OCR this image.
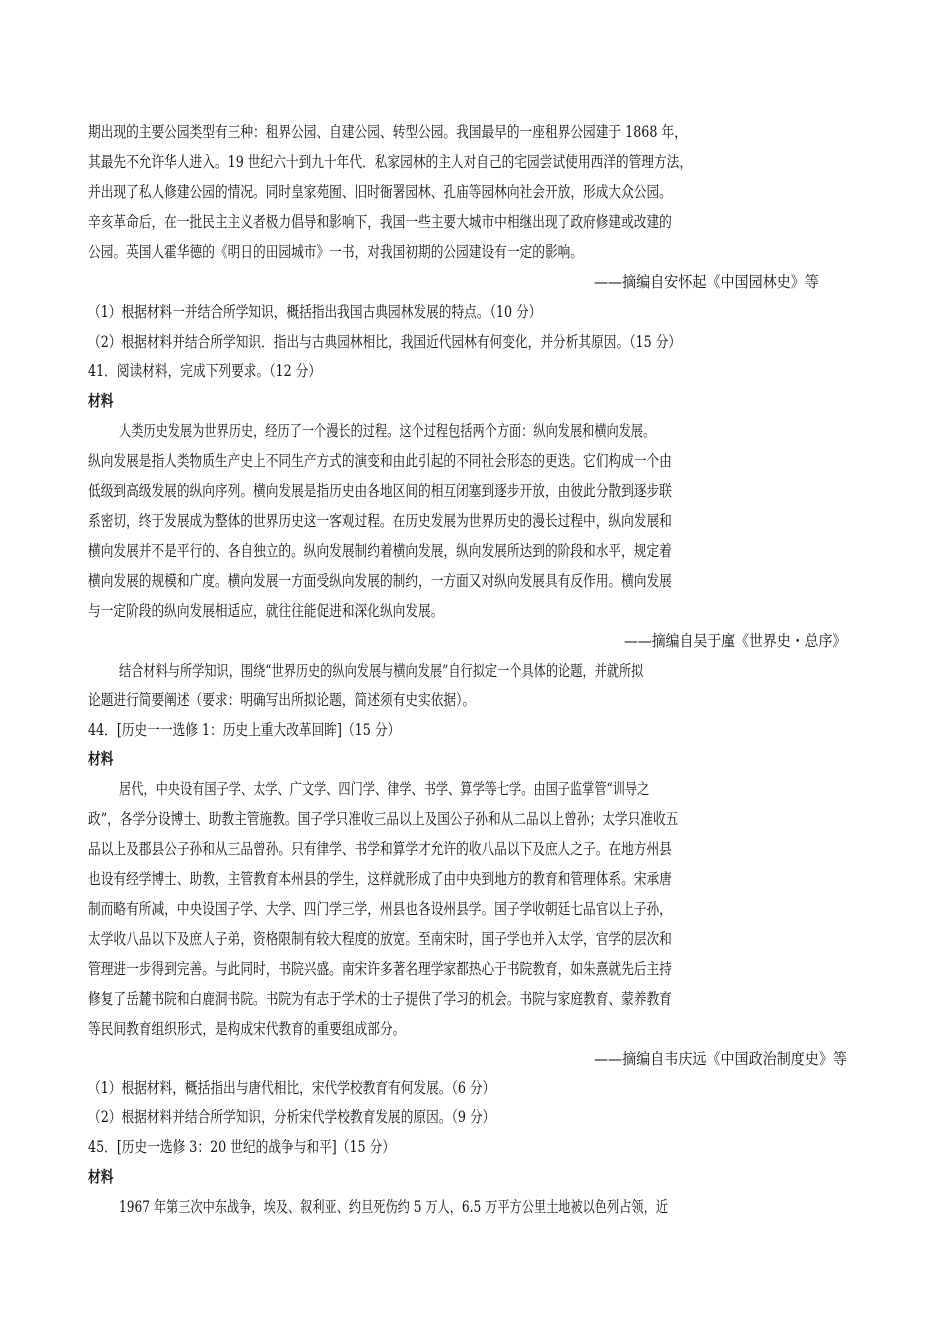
期出现的主要公园类型有三种：租界公园、自建公园、转型公园。我国最早的一座租界公园建于 1868 年，
其最先不允许华人进入。19 世纪六十到九十年代．私家园林的主人对自己的宅园尝试使用西洋的管理方法，
并出现了私人修建公园的情况。同时皇家苑囿、旧时衙署园林、孔庙等园林向社会开放，形成大众公园。
辛亥革命后，在一批民主主义者极力倡导和影响下，我国一些主要大城市中相继出现了政府修建或改建的
公园。英国人霍华德的《明日的田园城市》一书，对我国初期的公园建设有一定的影响。
——摘编自安怀起《中国园林史》等
（1）根据材料一并结合所学知识，概括指出我国古典园林发展的特点。（10 分）
（2）根据材料并结合所学知识．指出与古典园林相比，我国近代园林有何变化，并分析其原因。（15 分）
41．阅读材料，完成下列要求。（12 分）
材料
人类历史发展为世界历史，经历了一个漫长的过程。这个过程包括两个方面：纵向发展和横向发展。
纵向发展是指人类物质生产史上不同生产方式的演变和由此引起的不同社会形态的更迭。它们构成一个由
低级到高级发展的纵向序列。横向发展是指历史由各地区间的相互闭塞到逐步开放，由彼此分散到逐步联
系密切，终于发展成为整体的世界历史这一客观过程。在历史发展为世界历史的漫长过程中，纵向发展和
横向发展并不是平行的、各自独立的。纵向发展制约着横向发展，纵向发展所达到的阶段和水平，规定着
横向发展的规模和广度。横向发展一方面受纵向发展的制约，一方面又对纵向发展具有反作用。横向发展
与一定阶段的纵向发展相适应，就往往能促进和深化纵向发展。
——摘编自吴于廑《世界史・总序》
结合材料与所学知识，围绕“世界历史的纵向发展与横向发展”自行拟定一个具体的论题，并就所拟
论题进行简要阐述（要求：明确写出所拟论题，简述须有史实依据）。
44．[历史一一选修 1：历史上重大改革回眸]（15 分）
材料
居代，中央设有国子学、太学、广文学、四门学、律学、书学、算学等七学。由国子监掌管“训导之
政”，各学分设博士、助教主管施教。国子学只准收三品以上及国公子孙和从二品以上曾孙；太学只准收五
品以上及郡县公子孙和从三品曾孙。只有律学、书学和算学才允许的收八品以下及庶人之子。在地方州县
也设有经学博士、助教，主管教育本州县的学生，这样就形成了由中央到地方的教育和管理体系。宋承唐
制而略有所减，中央设国子学、大学、四门学三学，州县也各设州县学。国子学收朝廷七品官以上子孙，
太学收八品以下及庶人子弟，资格限制有较大程度的放宽。至南宋时，国子学也并入太学，官学的层次和
管理进一步得到完善。与此同时，书院兴盛。南宋许多著名理学家都热心于书院教育，如朱熹就先后主持
修复了岳麓书院和白鹿洞书院。书院为有志于学术的士子提供了学习的机会。书院与家庭教育、蒙养教育
等民间教育组织形式，是构成宋代教育的重要组成部分。
——摘编自韦庆远《中国政治制度史》等
（1）根据材料，概括指出与唐代相比，宋代学校教育有何发展。（6 分）
（2）根据材料并结合所学知识，分析宋代学校教育发展的原因。（9 分）
45．[历史一选修 3：20 世纪的战争与和平]（15 分）
材料
1967 年第三次中东战争，埃及、叙利亚、约旦死伤约 5 万人，6.5 万平方公里土地被以色列占领，近
